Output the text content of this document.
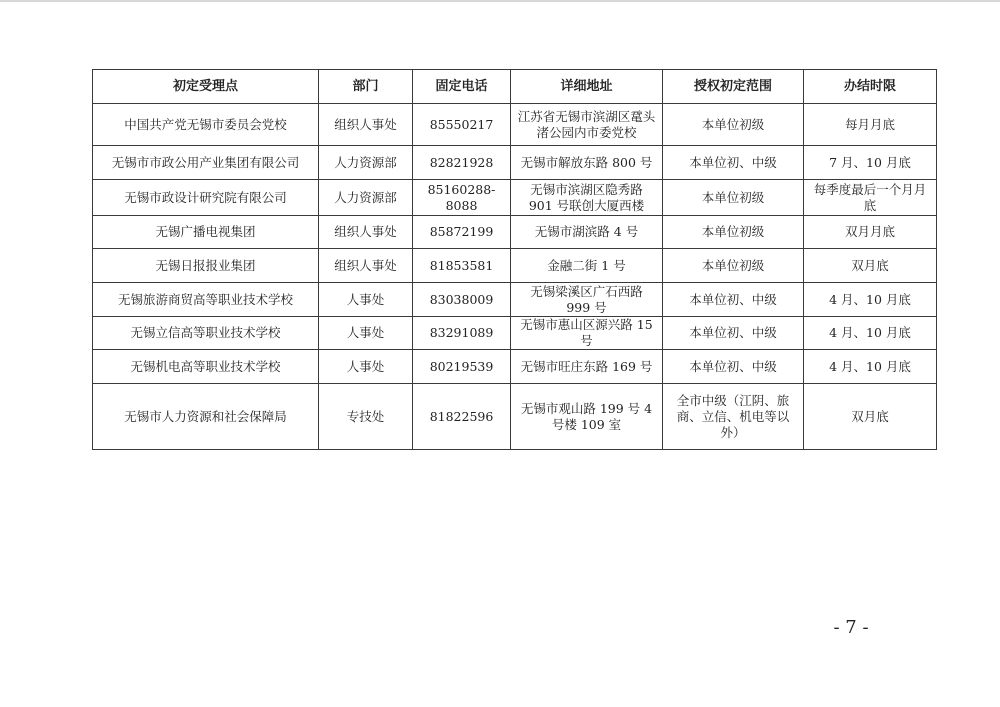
初定受理点	部门	固定电话	详细地址	授权初定范围	办结时限
中国共产党无锡市委员会党校	组织人事处	85550217	江苏省无锡市滨湖区鼋头渚公园内市委党校	本单位初级	每月月底
无锡市市政公用产业集团有限公司	人力资源部	82821928	无锡市解放东路 800 号	本单位初、中级	7 月、10 月底
无锡市政设计研究院有限公司	人力资源部	85160288-8088	无锡市滨湖区隐秀路 901 号联创大厦西楼	本单位初级	每季度最后一个月月底
无锡广播电视集团	组织人事处	85872199	无锡市湖滨路 4 号	本单位初级	双月月底
无锡日报报业集团	组织人事处	81853581	金融二街 1 号	本单位初级	双月底
无锡旅游商贸高等职业技术学校	人事处	83038009	无锡梁溪区广石西路 999 号	本单位初、中级	4 月、10 月底
无锡立信高等职业技术学校	人事处	83291089	无锡市惠山区源兴路 15 号	本单位初、中级	4 月、10 月底
无锡机电高等职业技术学校	人事处	80219539	无锡市旺庄东路 169 号	本单位初、中级	4 月、10 月底
无锡市人力资源和社会保障局	专技处	81822596	无锡市观山路 199 号 4 号楼 109 室	全市中级（江阴、旅商、立信、机电等以外）	双月底
- 7 -
